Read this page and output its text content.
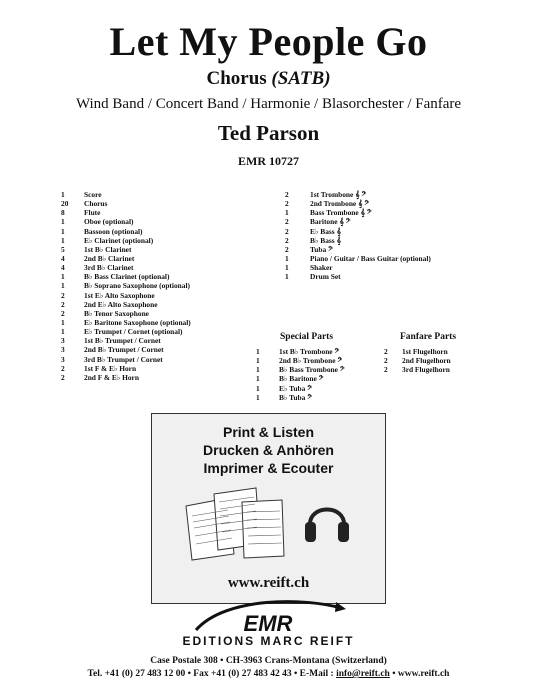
Let My People Go
Chorus (SATB)
Wind Band / Concert Band / Harmonie / Blasorchester / Fanfare
Ted Parson
EMR 10727
1	Score
20	Chorus
8	Flute
1	Oboe (optional)
1	Bassoon (optional)
1	E♭ Clarinet (optional)
5	1st B♭ Clarinet
4	2nd B♭ Clarinet
4	3rd B♭ Clarinet
1	B♭ Bass Clarinet (optional)
1	B♭ Soprano Saxophone (optional)
2	1st E♭ Alto Saxophone
2	2nd E♭ Alto Saxophone
2	B♭ Tenor Saxophone
1	E♭ Baritone Saxophone (optional)
1	E♭ Trumpet / Cornet (optional)
3	1st B♭ Trumpet / Cornet
3	2nd B♭ Trumpet / Cornet
3	3rd B♭ Trumpet / Cornet
2	1st F & E♭ Horn
2	2nd F & E♭ Horn
2	1st Trombone 𝄞 𝄢
2	2nd Trombone 𝄞 𝄢
1	Bass Trombone 𝄞 𝄢
2	Baritone 𝄞 𝄢
2	E♭ Bass 𝄞
2	B♭ Bass 𝄞
2	Tuba 𝄢
1	Piano / Guitar / Bass Guitar (optional)
1	Shaker
1	Drum Set
Special Parts	Fanfare Parts
1	1st B♭ Trombone 𝄢
1	2nd B♭ Trombone 𝄢
1	B♭ Bass Trombone 𝄢
1	B♭ Baritone 𝄢
1	E♭ Tuba 𝄢
1	B♭ Tuba 𝄢
2	1st Flugelhorn
2	2nd Flugelhorn
2	3rd Flugelhorn
Print & Listen
Drucken & Anhören
Imprimer & Ecouter
www.reift.ch
EMR
EDITIONS MARC REIFT
Case Postale 308 • CH-3963 Crans-Montana (Switzerland)
Tel. +41 (0) 27 483 12 00 • Fax +41 (0) 27 483 42 43 • E-Mail : info@reift.ch • www.reift.ch
